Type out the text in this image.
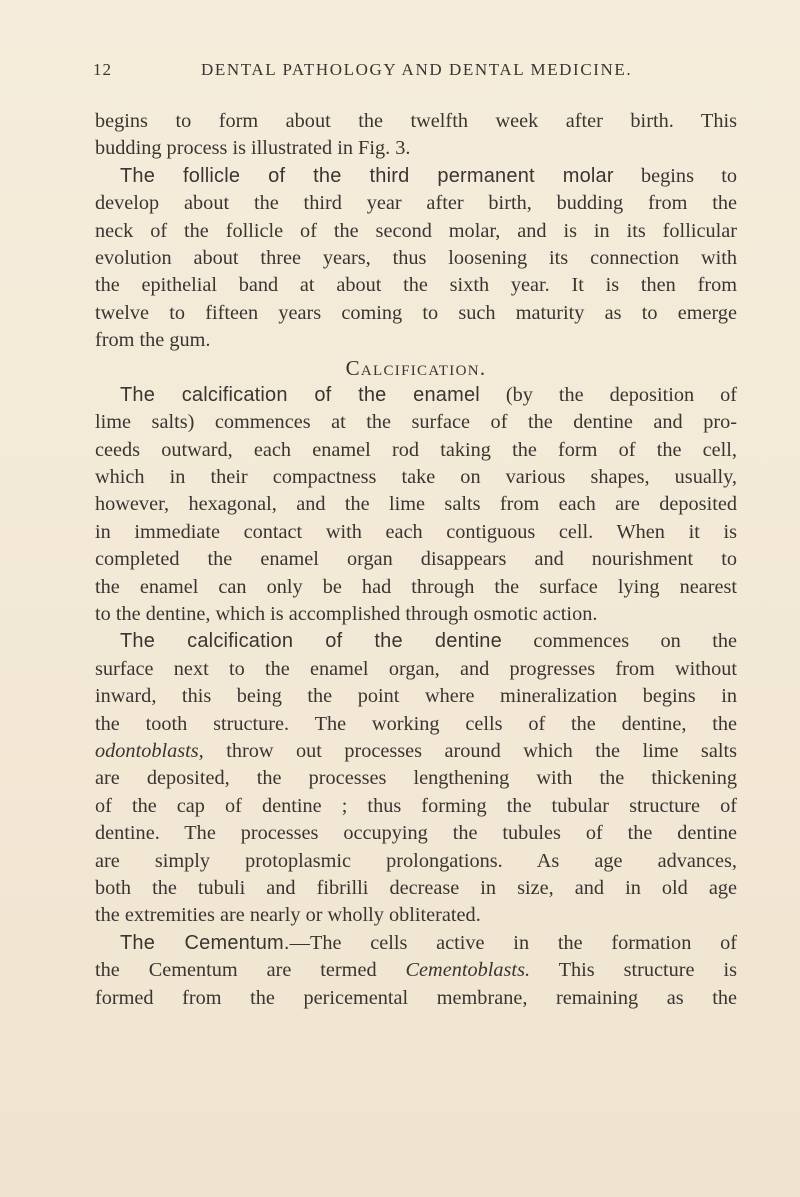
12	DENTAL PATHOLOGY AND DENTAL MEDICINE.
begins to form about the twelfth week after birth. This
budding process is illustrated in Fig. 3.
The follicle of the third permanent molar begins to
develop about the third year after birth, budding from the
neck of the follicle of the second molar, and is in its follicular
evolution about three years, thus loosening its connection with
the epithelial band at about the sixth year. It is then from
twelve to fifteen years coming to such maturity as to emerge
from the gum.
Calcification.
The calcification of the enamel (by the deposition of
lime salts) commences at the surface of the dentine and pro-
ceeds outward, each enamel rod taking the form of the cell,
which in their compactness take on various shapes, usually,
however, hexagonal, and the lime salts from each are deposited
in immediate contact with each contiguous cell. When it is
completed the enamel organ disappears and nourishment to
the enamel can only be had through the surface lying nearest
to the dentine, which is accomplished through osmotic action.
The calcification of the dentine commences on the
surface next to the enamel organ, and progresses from without
inward, this being the point where mineralization begins in
the tooth structure. The working cells of the dentine, the
odontoblasts, throw out processes around which the lime salts
are deposited, the processes lengthening with the thickening
of the cap of dentine ; thus forming the tubular structure of
dentine. The processes occupying the tubules of the dentine
are simply protoplasmic prolongations. As age advances,
both the tubuli and fibrilli decrease in size, and in old age
the extremities are nearly or wholly obliterated.
The Cementum.—The cells active in the formation of
the Cementum are termed Cementoblasts. This structure is
formed from the pericemental membrane, remaining as the
